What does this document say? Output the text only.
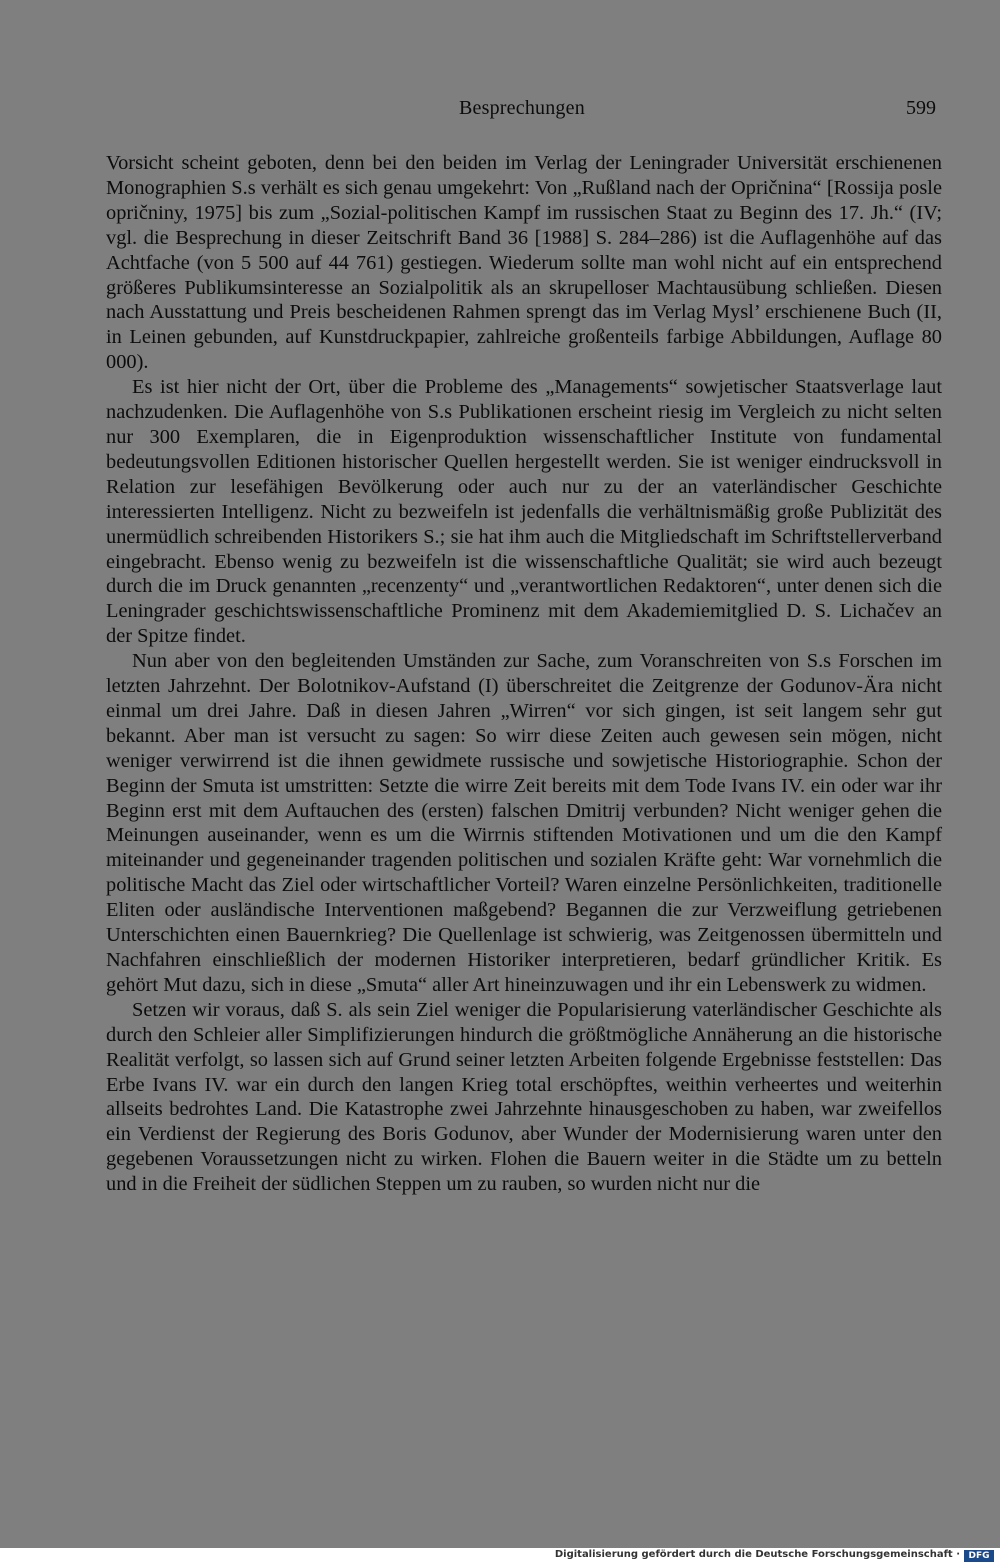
Besprechungen	599

Vorsicht scheint geboten, denn bei den beiden im Verlag der Leningrader Universität erschienenen Monographien S.s verhält es sich genau umgekehrt: Von „Rußland nach der Opričnina“ [Rossija posle opričniny, 1975] bis zum „Sozial-politischen Kampf im russischen Staat zu Beginn des 17. Jh.“ (IV; vgl. die Besprechung in dieser Zeitschrift Band 36 [1988] S. 284–286) ist die Auflagenhöhe auf das Achtfache (von 5 500 auf 44 761) gestiegen. Wiederum sollte man wohl nicht auf ein entsprechend größeres Publikumsinteresse an Sozialpolitik als an skrupelloser Machtausübung schließen. Diesen nach Ausstattung und Preis bescheidenen Rahmen sprengt das im Verlag Mysl’ erschienene Buch (II, in Leinen gebunden, auf Kunstdruckpapier, zahlreiche großenteils farbige Abbildungen, Auflage 80 000).

Es ist hier nicht der Ort, über die Probleme des „Managements“ sowjetischer Staatsverlage laut nachzudenken. Die Auflagenhöhe von S.s Publikationen erscheint riesig im Vergleich zu nicht selten nur 300 Exemplaren, die in Eigenproduktion wissenschaftlicher Institute von fundamental bedeutungsvollen Editionen historischer Quellen hergestellt werden. Sie ist weniger eindrucksvoll in Relation zur lesefähigen Bevölkerung oder auch nur zu der an vaterländischer Geschichte interessierten Intelligenz. Nicht zu bezweifeln ist jedenfalls die verhältnismäßig große Publizität des unermüdlich schreibenden Historikers S.; sie hat ihm auch die Mitgliedschaft im Schriftstellerverband eingebracht. Ebenso wenig zu bezweifeln ist die wissenschaftliche Qualität; sie wird auch bezeugt durch die im Druck genannten „recenzenty“ und „verantwortlichen Redaktoren“, unter denen sich die Leningrader geschichtswissenschaftliche Prominenz mit dem Akademiemitglied D. S. Lichačev an der Spitze findet.

Nun aber von den begleitenden Umständen zur Sache, zum Voranschreiten von S.s Forschen im letzten Jahrzehnt. Der Bolotnikov-Aufstand (I) überschreitet die Zeitgrenze der Godunov-Ära nicht einmal um drei Jahre. Daß in diesen Jahren „Wirren“ vor sich gingen, ist seit langem sehr gut bekannt. Aber man ist versucht zu sagen: So wirr diese Zeiten auch gewesen sein mögen, nicht weniger verwirrend ist die ihnen gewidmete russische und sowjetische Historiographie. Schon der Beginn der Smuta ist umstritten: Setzte die wirre Zeit bereits mit dem Tode Ivans IV. ein oder war ihr Beginn erst mit dem Auftauchen des (ersten) falschen Dmitrij verbunden? Nicht weniger gehen die Meinungen auseinander, wenn es um die Wirrnis stiftenden Motivationen und um die den Kampf miteinander und gegeneinander tragenden politischen und sozialen Kräfte geht: War vornehmlich die politische Macht das Ziel oder wirtschaftlicher Vorteil? Waren einzelne Persönlichkeiten, traditionelle Eliten oder ausländische Interventionen maßgebend? Begannen die zur Verzweiflung getriebenen Unterschichten einen Bauernkrieg? Die Quellenlage ist schwierig, was Zeitgenossen übermitteln und Nachfahren einschließlich der modernen Historiker interpretieren, bedarf gründlicher Kritik. Es gehört Mut dazu, sich in diese „Smuta“ aller Art hineinzuwagen und ihr ein Lebenswerk zu widmen.

Setzen wir voraus, daß S. als sein Ziel weniger die Popularisierung vaterländischer Geschichte als durch den Schleier aller Simplifizierungen hindurch die größtmögliche Annäherung an die historische Realität verfolgt, so lassen sich auf Grund seiner letzten Arbeiten folgende Ergebnisse feststellen: Das Erbe Ivans IV. war ein durch den langen Krieg total erschöpftes, weithin verheertes und weiterhin allseits bedrohtes Land. Die Katastrophe zwei Jahrzehnte hinausgeschoben zu haben, war zweifellos ein Verdienst der Regierung des Boris Godunov, aber Wunder der Modernisierung waren unter den gegebenen Voraussetzungen nicht zu wirken. Flohen die Bauern weiter in die Städte um zu betteln und in die Freiheit der südlichen Steppen um zu rauben, so wurden nicht nur die

Digitalisierung gefördert durch die Deutsche Forschungsgemeinschaft · DFG
